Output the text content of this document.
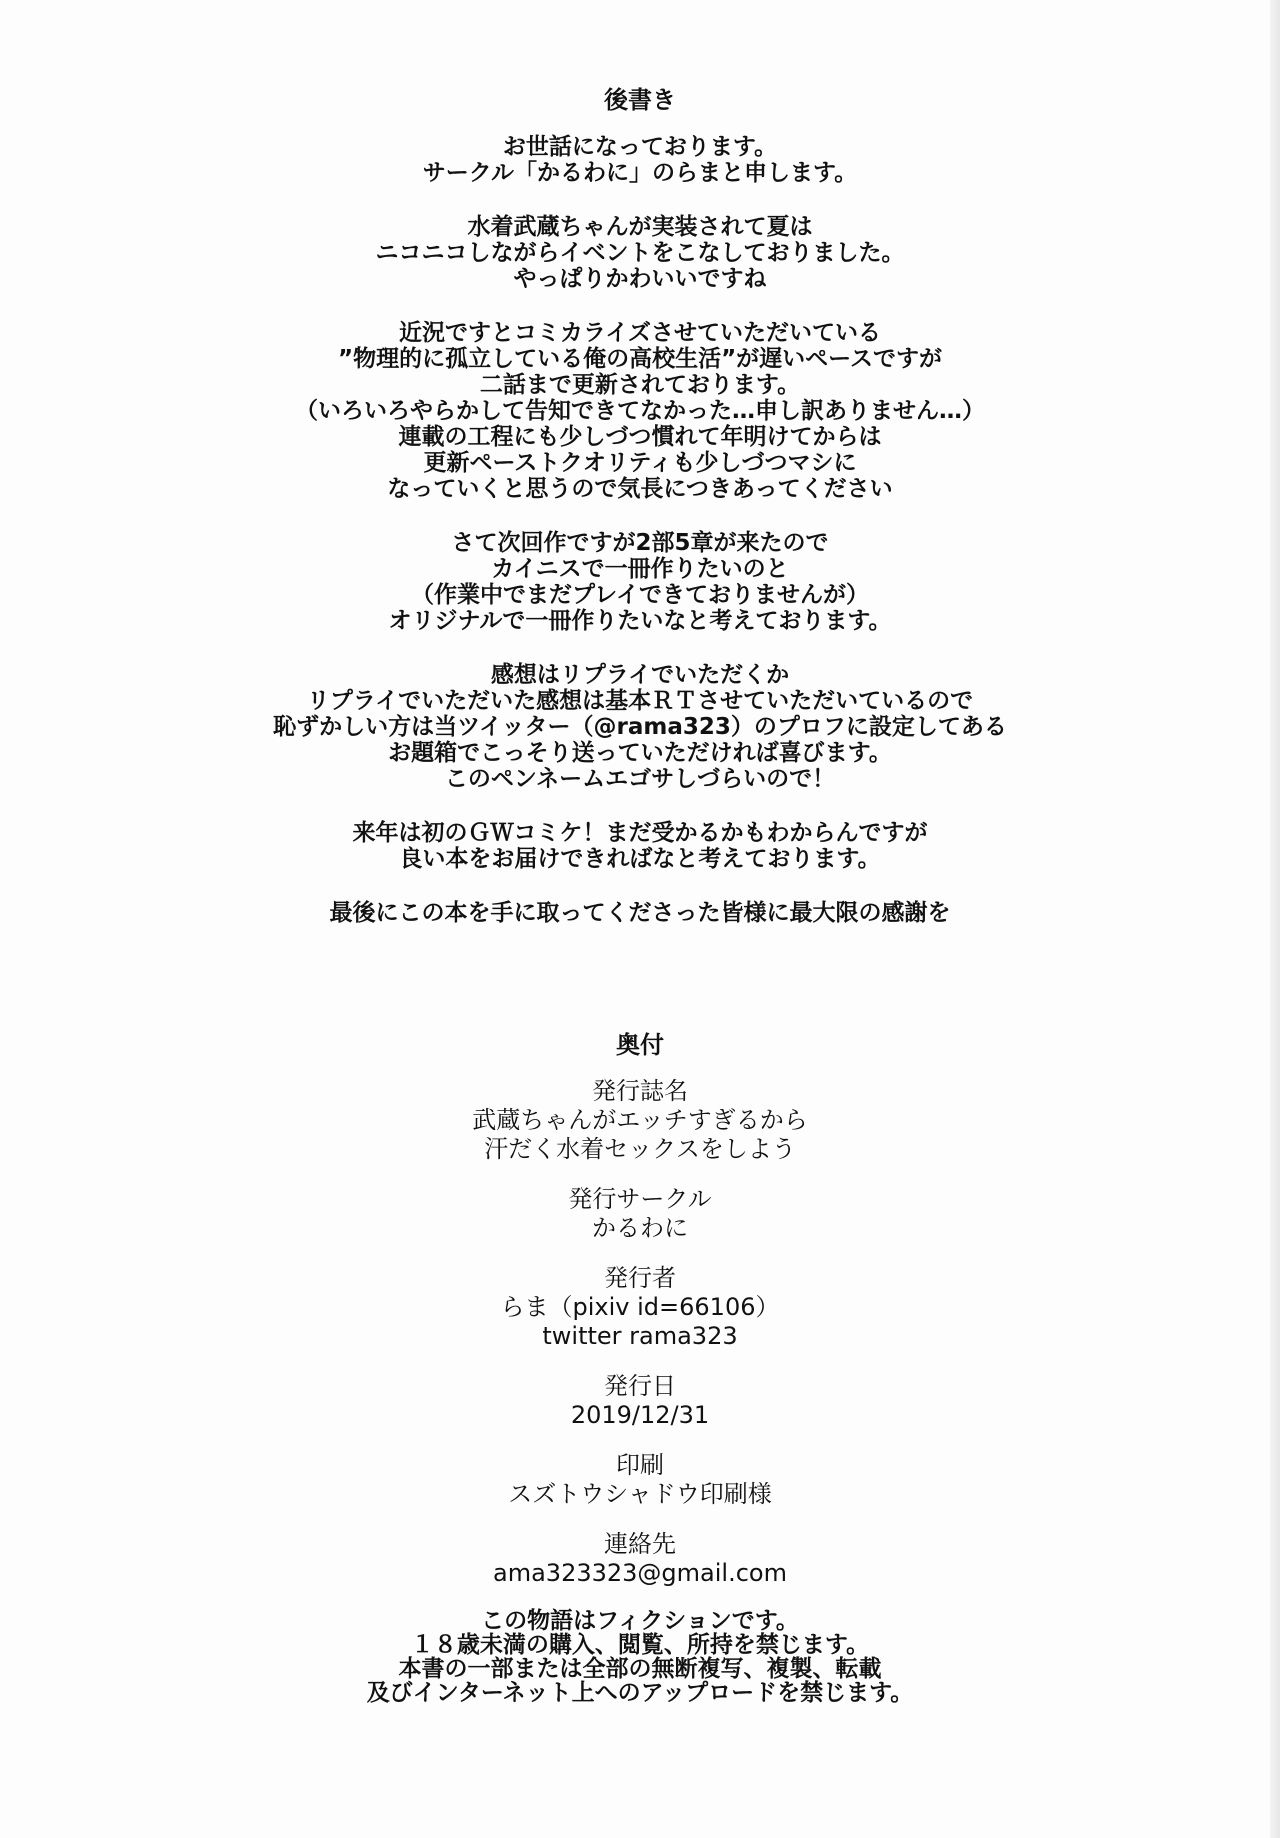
後書き
お世話になっております。
サークル「かるわに」のらまと申します。
水着武蔵ちゃんが実装されて夏は
ニコニコしながらイベントをこなしておりました。
やっぱりかわいいですね
近況ですとコミカライズさせていただいている
”物理的に孤立している俺の高校生活”が遅いペースですが
二話まで更新されております。
（いろいろやらかして告知できてなかった…申し訳ありません…）
連載の工程にも少しづつ慣れて年明けてからは
更新ペーストクオリティも少しづつマシに
なっていくと思うので気長につきあってください
さて次回作ですが2部5章が来たので
カイニスで一冊作りたいのと
（作業中でまだプレイできておりませんが）
オリジナルで一冊作りたいなと考えております。
感想はリプライでいただくか
リプライでいただいた感想は基本ＲＴさせていただいているので
恥ずかしい方は当ツイッター（@rama323）のプロフに設定してある
お題箱でこっそり送っていただければ喜びます。
このペンネームエゴサしづらいので！
来年は初のＧＷコミケ！まだ受かるかもわからんですが
良い本をお届けできればなと考えております。
最後にこの本を手に取ってくださった皆様に最大限の感謝を
奥付
発行誌名
武蔵ちゃんがエッチすぎるから
汗だく水着セックスをしよう
発行サークル
かるわに
発行者
らま（pixiv id=66106）
twitter rama323
発行日
2019/12/31
印刷
スズトウシャドウ印刷様
連絡先
ama323323@gmail.com
この物語はフィクションです。
１８歳未満の購入、閲覧、所持を禁じます。
本書の一部または全部の無断複写、複製、転載
及びインターネット上へのアップロードを禁じます。
